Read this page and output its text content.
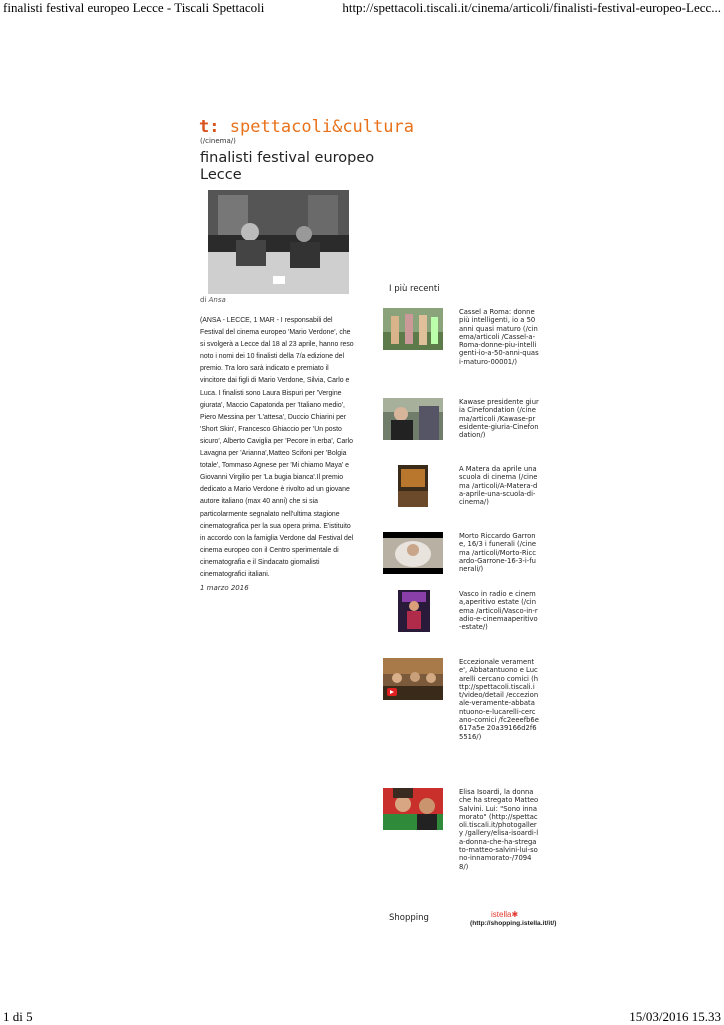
finalisti festival europeo Lecce - Tiscali Spettacoli	http://spettacoli.tiscali.it/cinema/articoli/finalisti-festival-europeo-Lecc...
t: spettacoli&cultura
(/cinema/)
finalisti festival europeo Lecce
di Ansa
(ANSA - LECCE, 1 MAR - I responsabili del Festival del cinema europeo 'Mario Verdone', che si svolgerà a Lecce dal 18 al 23 aprile, hanno reso noto i nomi dei 10 finalisti della 7/a edizione del premio. Tra loro sarà indicato e premiato il vincitore dai figli di Mario Verdone, Silvia, Carlo e Luca. I finalisti sono Laura Bispuri per 'Vergine giurata', Maccio Capatonda per 'Italiano medio', Piero Messina per 'L'attesa', Duccio Chiarini per 'Short Skin', Francesco Ghiaccio per 'Un posto sicuro', Alberto Caviglia per 'Pecore in erba', Carlo Lavagna per 'Arianna',Matteo Scifoni per 'Bolgia totale', Tommaso Agnese per 'Mi chiamo Maya' e Giovanni Virgilio per 'La bugia bianca'.Il premio dedicato a Mario Verdone è rivolto ad un giovane autore italiano (max 40 anni) che si sia particolarmente segnalato nell'ultima stagione cinematografica per la sua opera prima. E'istituito in accordo con la famiglia Verdone dal Festival del cinema europeo con il Centro sperimentale di cinematografia e il Sindacato giornalisti cinematografici italiani.
1 marzo 2016
I più recenti
Cassel a Roma: donne più intelligenti, io a 50 anni quasi maturo (/cinema/articoli /Cassel-a-Roma-donne-piu-intelligenti-io-a-50-anni-quasi-maturo-00001/)
Kawase presidente giuria Cinefondation (/cinema/articoli /Kawase-presidente-giuria-Cinefondation/)
A Matera da aprile una scuola di cinema (/cinema /articoli/A-Matera-da-aprile-una-scuola-di-cinema/)
Morto Riccardo Garrone, 16/3 i funerali (/cinema /articoli/Morto-Riccardo-Garrone-16-3-i-funerali/)
Vasco in radio e cinema,aperitivo estate (/cinema /articoli/Vasco-in-radio-e-cinemaaperitivo-estate/)
Eccezionale veramente', Abbatantuono e Lucarelli cercano comici (http://spettacoli.tiscali.it/video/detail /eccezionale-veramente-abbatantuono-e-lucarelli-cercano-comici /fc2eeefb6e617a5e 20a39166d2f65516/)
Elisa Isoardi, la donna che ha stregato Matteo Salvini. Lui: "Sono innamorato" (http://spettacoli.tiscali.it/photogallery /gallery/elisa-isoardi-la-donna-che-ha-stregato-matteo-salvini-lui-sono-innamorato-/70948/)
Shopping	istella✱
(http://shopping.istella.it/it/)
1 di 5	15/03/2016 15.33
